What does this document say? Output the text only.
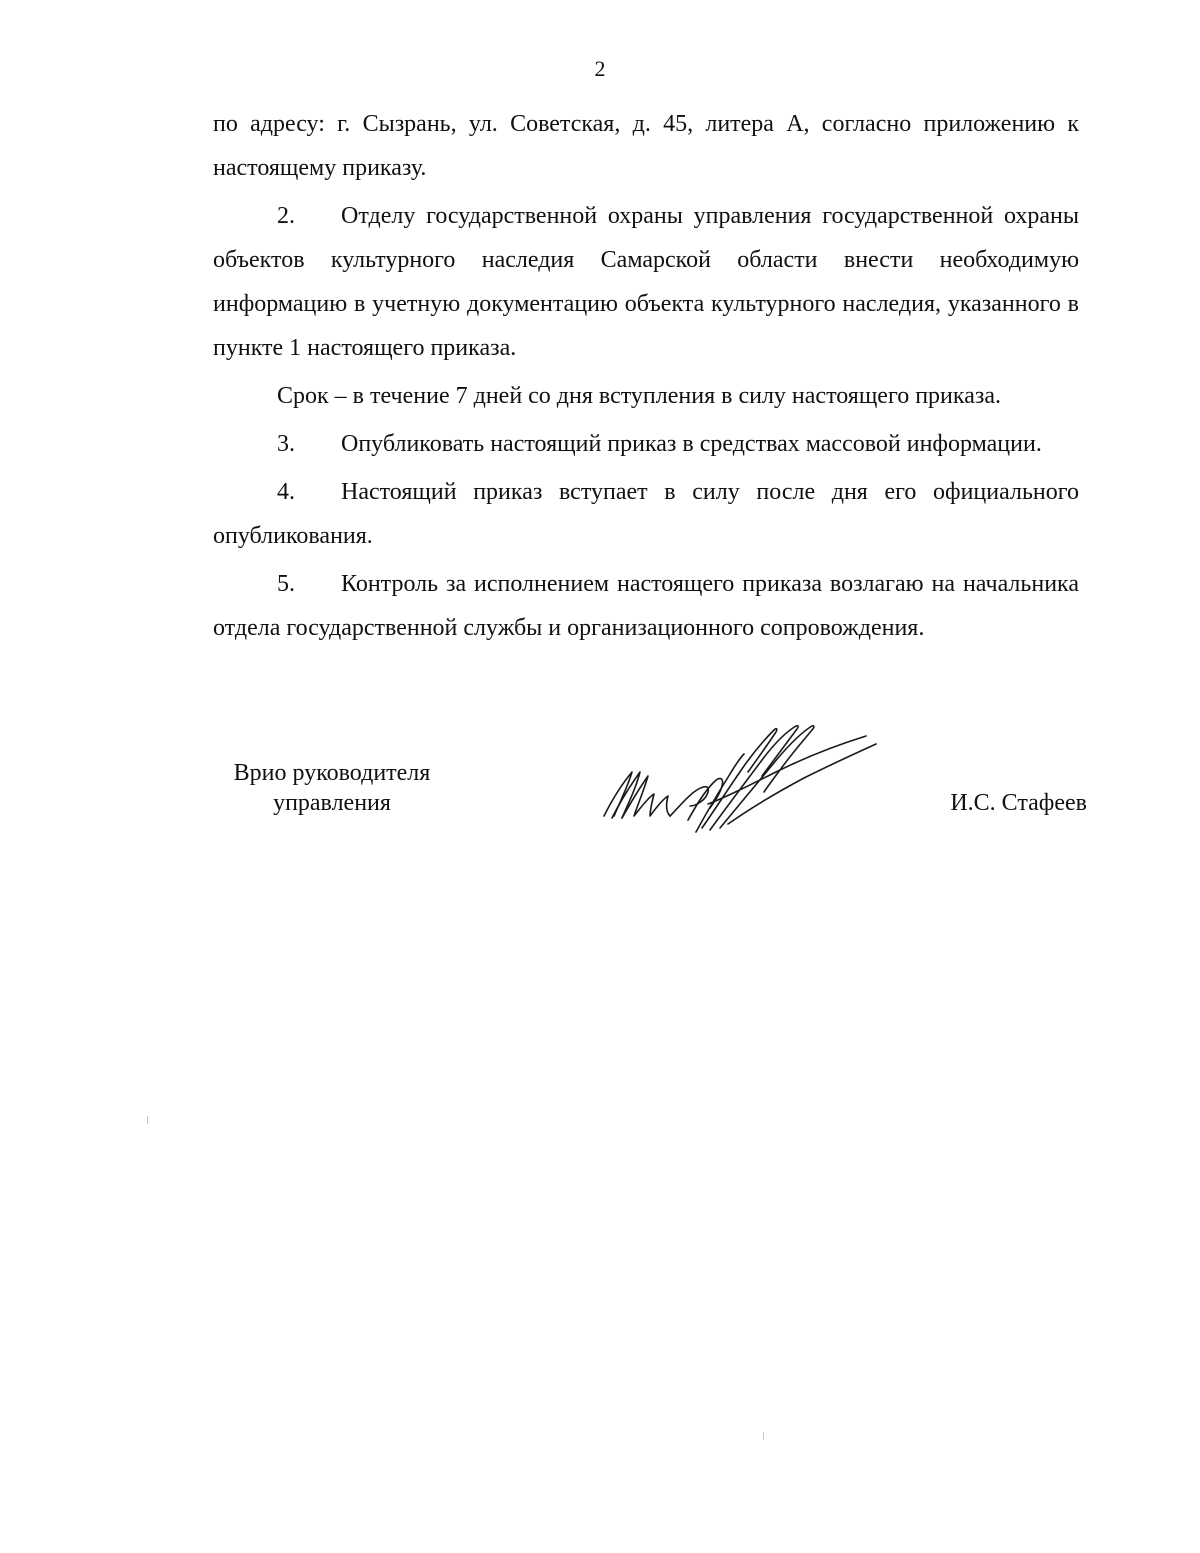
2

по адресу: г. Сызрань, ул. Советская, д. 45, литера А, согласно приложению к настоящему приказу.

2. Отделу государственной охраны управления государственной охраны объектов культурного наследия Самарской области внести необходимую информацию в учетную документацию объекта культурного наследия, указанного в пункте 1 настоящего приказа.

Срок – в течение 7 дней со дня вступления в силу настоящего приказа.

3. Опубликовать настоящий приказ в средствах массовой информации.

4. Настоящий приказ вступает в силу после дня его официального опубликования.

5. Контроль за исполнением настоящего приказа возлагаю на начальника отдела государственной службы и организационного сопровождения.

Врио руководителя
управления	И.С. Стафеев
